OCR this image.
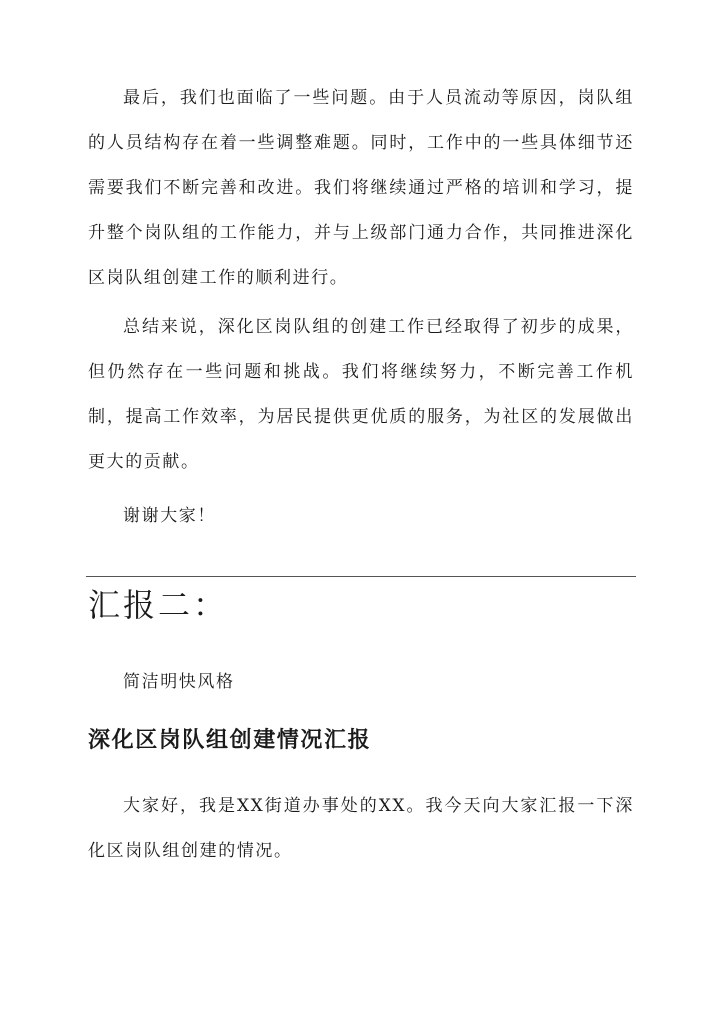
最后，我们也面临了一些问题。由于人员流动等原因，岗队组的人员结构存在着一些调整难题。同时，工作中的一些具体细节还需要我们不断完善和改进。我们将继续通过严格的培训和学习，提升整个岗队组的工作能力，并与上级部门通力合作，共同推进深化区岗队组创建工作的顺利进行。

总结来说，深化区岗队组的创建工作已经取得了初步的成果，但仍然存在一些问题和挑战。我们将继续努力，不断完善工作机制，提高工作效率，为居民提供更优质的服务，为社区的发展做出更大的贡献。

谢谢大家！

汇报二：

简洁明快风格

深化区岗队组创建情况汇报

大家好，我是XX街道办事处的XX。我今天向大家汇报一下深化区岗队组创建的情况。
